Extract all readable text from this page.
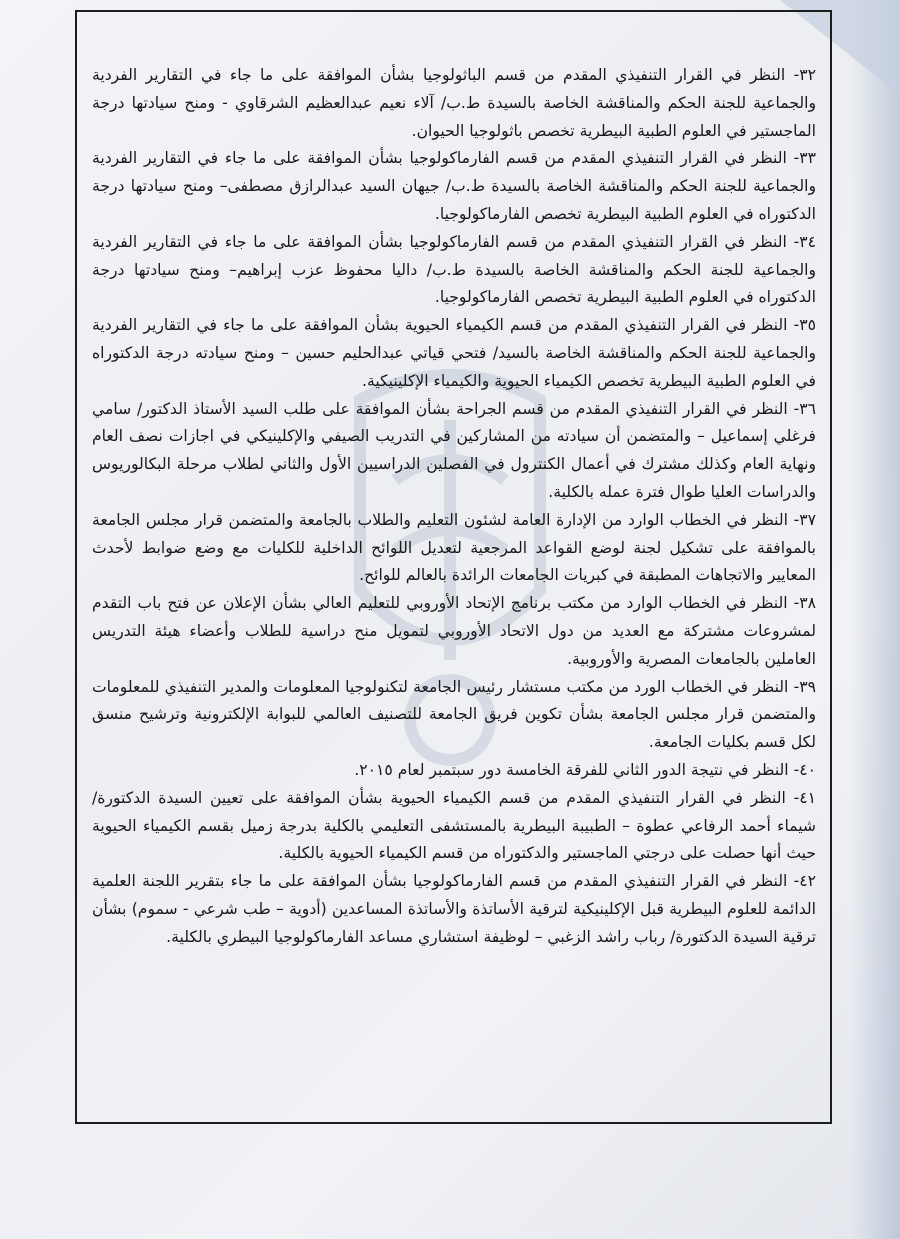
٣٢- النظر في القرار التنفيذي المقدم من قسم الباثولوجيا بشأن الموافقة على ما جاء في التقارير الفردية والجماعية للجنة الحكم والمناقشة الخاصة بالسيدة ط.ب/ آلاء نعيم عبدالعظيم الشرقاوي - ومنح سيادتها درجة الماجستير في العلوم الطبية البيطرية تخصص باثولوجيا الحيوان.

٣٣- النظر في القرار التنفيذي المقدم من قسم الفارماكولوجيا بشأن الموافقة على ما جاء في التقارير الفردية والجماعية للجنة الحكم والمناقشة الخاصة بالسيدة ط.ب/ جيهان السيد عبدالرازق مصطفى– ومنح سيادتها درجة الدكتوراه في العلوم الطبية البيطرية تخصص الفارماكولوجيا.

٣٤- النظر في القرار التنفيذي المقدم من قسم الفارماكولوجيا بشأن الموافقة على ما جاء في التقارير الفردية والجماعية للجنة الحكم والمناقشة الخاصة بالسيدة ط.ب/ داليا محفوظ عزب إبراهيم– ومنح سيادتها درجة الدكتوراه في العلوم الطبية البيطرية تخصص الفارماكولوجيا.

٣٥- النظر في القرار التنفيذي المقدم من قسم الكيمياء الحيوية بشأن الموافقة على ما جاء في التقارير الفردية والجماعية للجنة الحكم والمناقشة الخاصة بالسيد/ فتحي قياتي عبدالحليم حسين – ومنح سيادته درجة الدكتوراه في العلوم الطبية البيطرية تخصص الكيمياء الحيوية والكيمياء الإكلينيكية.

٣٦- النظر في القرار التنفيذي المقدم من قسم الجراحة بشأن الموافقة على طلب السيد الأستاذ الدكتور/ سامي فرغلي إسماعيل – والمتضمن أن سيادته من المشاركين في التدريب الصيفي والإكلينيكي في اجازات نصف العام ونهاية العام وكذلك مشترك في أعمال الكنترول في الفصلين الدراسيين الأول والثاني لطلاب مرحلة البكالوريوس والدراسات العليا طوال فترة عمله بالكلية.

٣٧- النظر في الخطاب الوارد من الإدارة العامة لشئون التعليم والطلاب بالجامعة والمتضمن قرار مجلس الجامعة بالموافقة على تشكيل لجنة لوضع القواعد المرجعية لتعديل اللوائح الداخلية للكليات مع وضع ضوابط لأحدث المعايير والاتجاهات المطبقة في كبريات الجامعات الرائدة بالعالم للوائح.

٣٨- النظر في الخطاب الوارد من مكتب برنامج الإتحاد الأوروبي للتعليم العالي بشأن الإعلان عن فتح باب التقدم لمشروعات مشتركة مع العديد من دول الاتحاد الأوروبي لتمويل منح دراسية للطلاب وأعضاء هيئة التدريس العاملين بالجامعات المصرية والأوروبية.

٣٩- النظر في الخطاب الورد من مكتب مستشار رئيس الجامعة لتكنولوجيا المعلومات والمدير التنفيذي للمعلومات والمتضمن قرار مجلس الجامعة بشأن تكوين فريق الجامعة للتصنيف العالمي للبوابة الإلكترونية وترشيح منسق لكل قسم بكليات الجامعة.

٤٠- النظر في نتيجة الدور الثاني للفرقة الخامسة دور سبتمبر لعام ٢٠١٥.

٤١- النظر في القرار التنفيذي المقدم من قسم الكيمياء الحيوية بشأن الموافقة على تعيين السيدة الدكتورة/ شيماء أحمد الرفاعي عطوة – الطبيبة البيطرية بالمستشفى التعليمي بالكلية بدرجة زميل بقسم الكيمياء الحيوية حيث أنها حصلت على درجتي الماجستير والدكتوراه من قسم الكيمياء الحيوية بالكلية.

٤٢- النظر في القرار التنفيذي المقدم من قسم الفارماكولوجيا بشأن الموافقة على ما جاء بتقرير اللجنة العلمية الدائمة للعلوم البيطرية قبل الإكلينيكية لترقية الأساتذة والأساتذة المساعدين (أدوية – طب شرعي - سموم) بشأن ترقية السيدة الدكتورة/ رباب راشد الزغبي – لوظيفة استشاري مساعد الفارماكولوجيا البيطري بالكلية.
